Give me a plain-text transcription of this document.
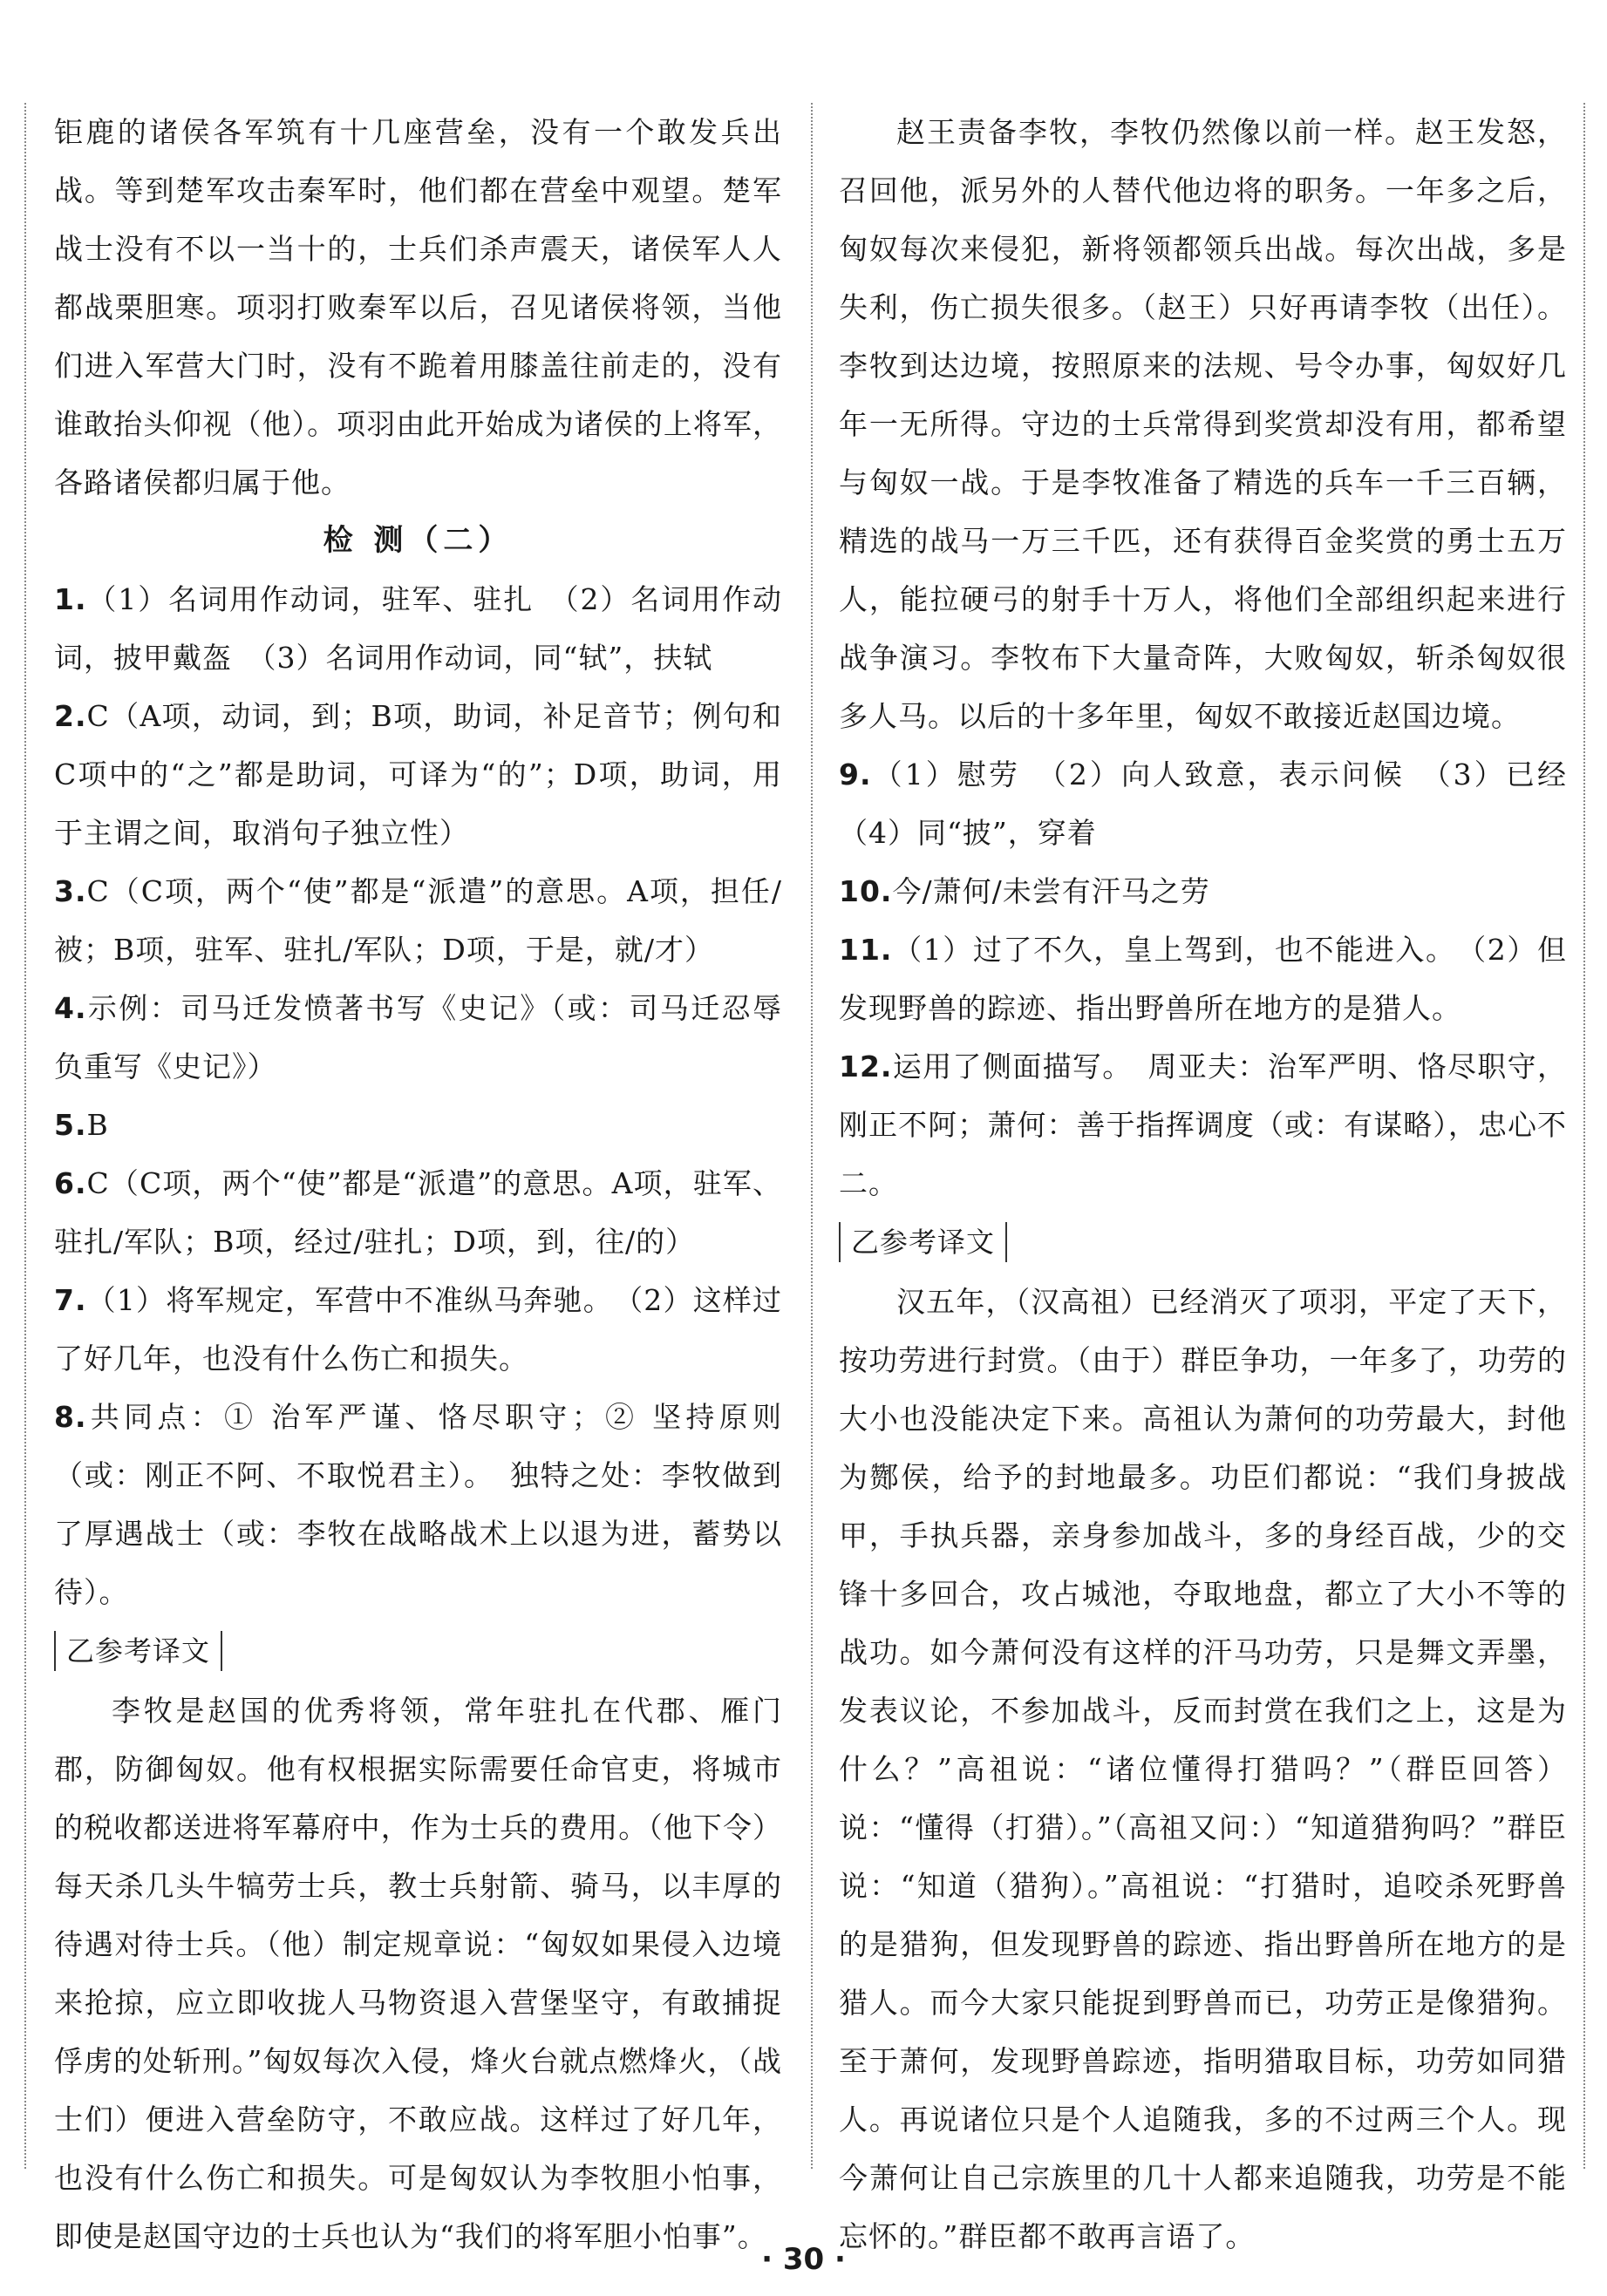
钜鹿的诸侯各军筑有十几座营垒，没有一个敢发兵出战。等到楚军攻击秦军时，他们都在营垒中观望。楚军战士没有不以一当十的，士兵们杀声震天，诸侯军人人都战栗胆寒。项羽打败秦军以后，召见诸侯将领，当他们进入军营大门时，没有不跪着用膝盖往前走的，没有谁敢抬头仰视（他）。项羽由此开始成为诸侯的上将军，各路诸侯都归属于他。

检 测（二）

1.（1）名词用作动词，驻军、驻扎　（2）名词用作动词，披甲戴盔　（3）名词用作动词，同“轼”，扶轼

2.C（A项，动词，到；B项，助词，补足音节；例句和C项中的“之”都是助词，可译为“的”；D项，助词，用于主谓之间，取消句子独立性）

3.C（C项，两个“使”都是“派遣”的意思。A项，担任/被；B项，驻军、驻扎/军队；D项，于是，就/才）

4.示例：司马迁发愤著书写《史记》（或：司马迁忍辱负重写《史记》）

5.B

6.C（C项，两个“使”都是“派遣”的意思。A项，驻军、驻扎/军队；B项，经过/驻扎；D项，到，往/的）

7.（1）将军规定，军营中不准纵马奔驰。　（2）这样过了好几年，也没有什么伤亡和损失。

8.共同点：① 治军严谨、恪尽职守；② 坚持原则（或：刚正不阿、不取悦君主）。　独特之处：李牧做到了厚遇战士（或：李牧在战略战术上以退为进，蓄势以待）。

乙参考译文

李牧是赵国的优秀将领，常年驻扎在代郡、雁门郡，防御匈奴。他有权根据实际需要任命官吏，将城市的税收都送进将军幕府中，作为士兵的费用。（他下令）每天杀几头牛犒劳士兵，教士兵射箭、骑马，以丰厚的待遇对待士兵。（他）制定规章说：“匈奴如果侵入边境来抢掠，应立即收拢人马物资退入营堡坚守，有敢捕捉俘虏的处斩刑。”匈奴每次入侵，烽火台就点燃烽火，（战士们）便进入营垒防守，不敢应战。这样过了好几年，也没有什么伤亡和损失。可是匈奴认为李牧胆小怕事，即使是赵国守边的士兵也认为“我们的将军胆小怕事”。

赵王责备李牧，李牧仍然像以前一样。赵王发怒，召回他，派另外的人替代他边将的职务。一年多之后，匈奴每次来侵犯，新将领都领兵出战。每次出战，多是失利，伤亡损失很多。（赵王）只好再请李牧（出任）。李牧到达边境，按照原来的法规、号令办事，匈奴好几年一无所得。守边的士兵常得到奖赏却没有用，都希望与匈奴一战。于是李牧准备了精选的兵车一千三百辆，精选的战马一万三千匹，还有获得百金奖赏的勇士五万人，能拉硬弓的射手十万人，将他们全部组织起来进行战争演习。李牧布下大量奇阵，大败匈奴，斩杀匈奴很多人马。以后的十多年里，匈奴不敢接近赵国边境。

9.（1）慰劳　（2）向人致意，表示问候　（3）已经　（4）同“披”，穿着

10.今/萧何/未尝有汗马之劳

11.（1）过了不久，皇上驾到，也不能进入。　（2）但发现野兽的踪迹、指出野兽所在地方的是猎人。

12.运用了侧面描写。　周亚夫：治军严明、恪尽职守，刚正不阿；萧何：善于指挥调度（或：有谋略），忠心不二。

乙参考译文

汉五年，（汉高祖）已经消灭了项羽，平定了天下，按功劳进行封赏。（由于）群臣争功，一年多了，功劳的大小也没能决定下来。高祖认为萧何的功劳最大，封他为酂侯，给予的封地最多。功臣们都说：“我们身披战甲，手执兵器，亲身参加战斗，多的身经百战，少的交锋十多回合，攻占城池，夺取地盘，都立了大小不等的战功。如今萧何没有这样的汗马功劳，只是舞文弄墨，发表议论，不参加战斗，反而封赏在我们之上，这是为什么？”高祖说：“诸位懂得打猎吗？”（群臣回答）说：“懂得（打猎）。”（高祖又问：）“知道猎狗吗？”群臣说：“知道（猎狗）。”高祖说：“打猎时，追咬杀死野兽的是猎狗，但发现野兽的踪迹、指出野兽所在地方的是猎人。而今大家只能捉到野兽而已，功劳正是像猎狗。至于萧何，发现野兽踪迹，指明猎取目标，功劳如同猎人。再说诸位只是个人追随我，多的不过两三个人。现今萧何让自己宗族里的几十人都来追随我，功劳是不能忘怀的。”群臣都不敢再言语了。

· 30 ·
